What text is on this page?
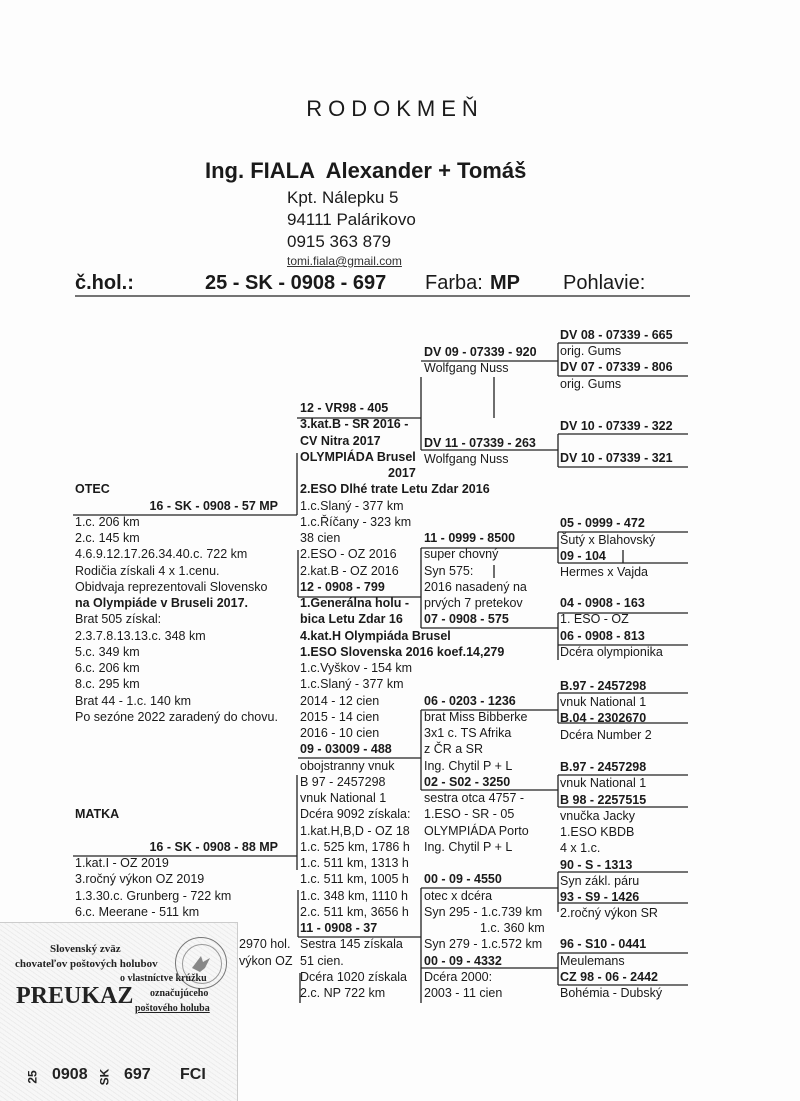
RODOKMEŇ
Ing. FIALA  Alexander + Tomáš
Kpt. Nálepku 5
94111 Palárikovo
0915 363 879
tomi.fiala@gmail.com
č.hol.:	25 - SK - 0908 - 697 Farba: MP Pohlavie:
OTEC
16 - SK - 0908 - 57 MP
1.c. 206 km
2.c. 145 km
4.6.9.12.17.26.34.40.c. 722 km
Rodičia získali 4 x 1.cenu.
Obidvaja reprezentovali Slovensko
na Olympiáde v Bruseli 2017.
Brat 505 získal:
2.3.7.8.13.13.c. 348 km
5.c. 349 km
6.c. 206 km
8.c. 295 km
Brat 44 - 1.c. 140 km
Po sezóne 2022 zaradený do chovu.
MATKA
16 - SK - 0908 - 88 MP
1.kat.I - OZ 2019
3.ročný výkon OZ 2019
1.3.30.c. Grunberg - 722 km
6.c. Meerane - 511 km
2970 hol.
výkon OZ
12 - VR98 - 405
3.kat.B - SR 2016 -
CV Nitra 2017
OLYMPIÁDA Brusel
2.ESO Dlhé trate Letu Zdar 2016
1.c.Slaný - 377 km
1.c.Říčany - 323 km
38 cien
2.ESO - OZ 2016
2.kat.B - OZ 2016
12 - 0908 - 799
1.Generálna holu -
bica Letu Zdar 16
4.kat.H Olympiáda Brusel
1.ESO Slovenska 2016 koef.14,279
1.c.Vyškov - 154 km
1.c.Slaný - 377 km
2014 - 12 cien
2015 - 14 cien
2016 - 10 cien
09 - 03009 - 488
obojstranny vnuk
B 97 - 2457298
vnuk National 1
Dcéra 9092 získala:
1.kat.H,B,D - OZ 18
1.c. 525 km, 1786 h
1.c. 511 km, 1313 h
1.c. 511 km, 1005 h
1.c. 348 km, 1110 h
2.c. 511 km, 3656 h
11 - 0908 - 37
Sestra 145 získala
51 cien.
Dcéra 1020 získala
2.c. NP 722 km
2017
DV 09 - 07339 - 920
Wolfgang Nuss
DV 11 - 07339 - 263
Wolfgang Nuss
11 - 0999 - 8500
super chovný
Syn 575:
2016 nasadený na
prvých 7 pretekov
07 - 0908 - 575
06 - 0203 - 1236
brat Miss Bibberke
3x1 c. TS Afrika
z ČR a SR
Ing. Chytil P + L
02 - S02 - 3250
sestra otca 4757 -
1.ESO - SR - 05
OLYMPIÁDA Porto
Ing. Chytil P + L
00 - 09 - 4550
otec x dcéra
Syn 295 - 1.c.739 km
1.c. 360 km
Syn 279 - 1.c.572 km
00 - 09 - 4332
Dcéra 2000:
2003 - 11 cien
DV 08 - 07339 - 665
orig. Gums
DV 07 - 07339 - 806
orig. Gums
DV 10 - 07339 - 322
DV 10 - 07339 - 321
05 - 0999 - 472
Šutý x Blahovský
09 - 104
Hermes x Vajda
04 - 0908 - 163
1. ESO - OZ
06 - 0908 - 813
Dcéra olympionika
B.97 - 2457298
vnuk National 1
B.04 - 2302670
Dcéra Number 2
B.97 - 2457298
vnuk National 1
B 98 - 2257515
vnučka Jacky
1.ESO KBDB
4 x 1.c.
90 - S - 1313
Syn zákl. páru
93 - S9 - 1426
2.ročný výkon SR
96 - S10 - 0441
Meulemans
CZ 98 - 06 - 2442
Bohémia - Dubský
Slovenský zväz
chovateľov poštových holubov
PREUKAZ
o vlastníctve krúžku
označujúceho
poštového holuba
25 0908 SK 697 FCI
